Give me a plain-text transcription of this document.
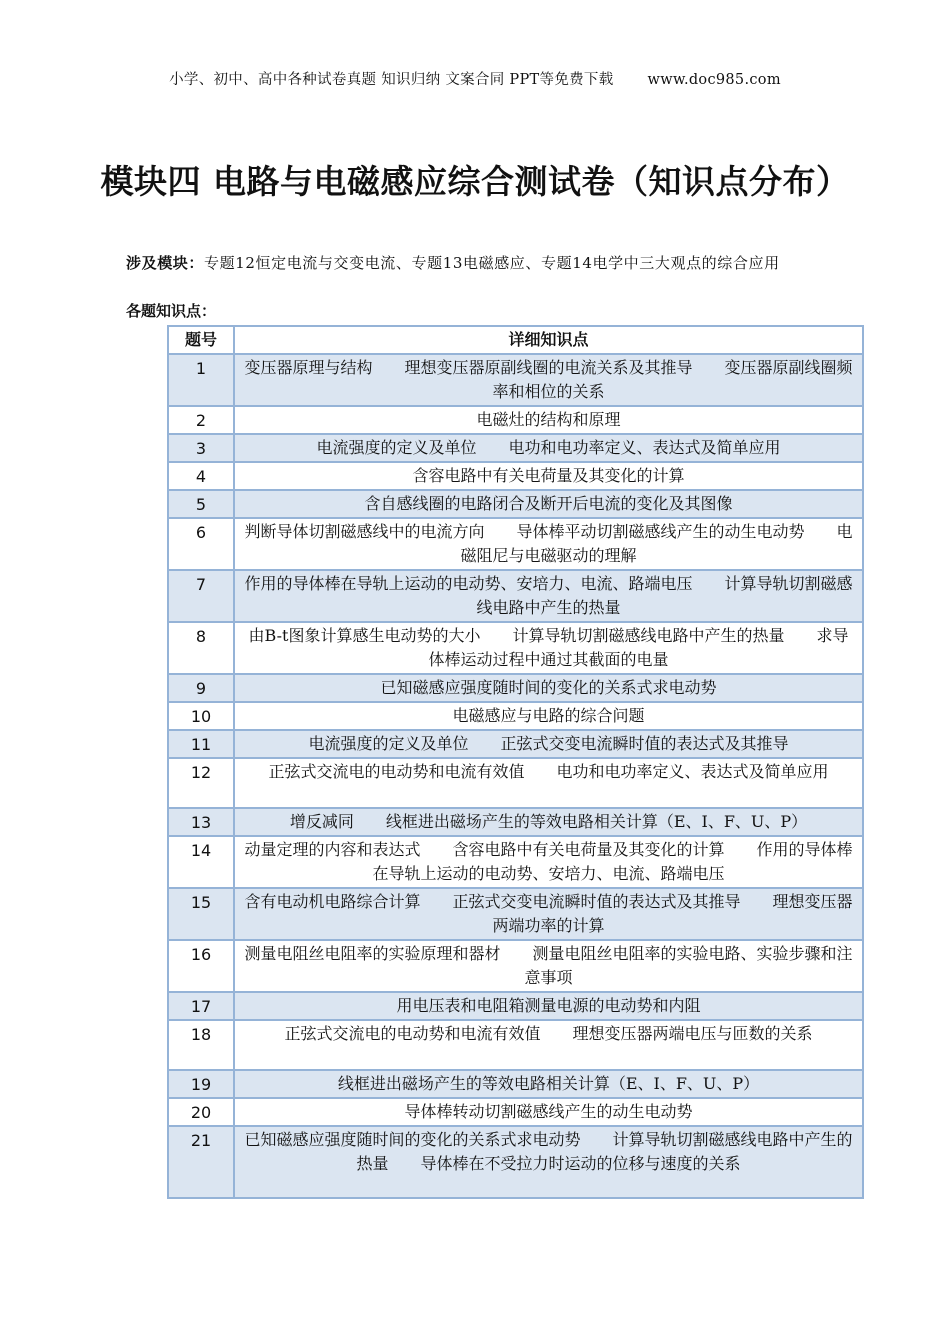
小学、初中、高中各种试卷真题 知识归纳 文案合同 PPT等免费下载 www.doc985.com
模块四 电路与电磁感应综合测试卷（知识点分布）
涉及模块：专题12恒定电流与交变电流、专题13电磁感应、专题14电学中三大观点的综合应用
各题知识点：
题号	详细知识点
1	变压器原理与结构　　理想变压器原副线圈的电流关系及其推导　　变压器原副线圈频率和相位的关系
2	电磁灶的结构和原理
3	电流强度的定义及单位　　电功和电功率定义、表达式及简单应用
4	含容电路中有关电荷量及其变化的计算
5	含自感线圈的电路闭合及断开后电流的变化及其图像
6	判断导体切割磁感线中的电流方向　　导体棒平动切割磁感线产生的动生电动势　　电磁阻尼与电磁驱动的理解
7	作用的导体棒在导轨上运动的电动势、安培力、电流、路端电压　　计算导轨切割磁感线电路中产生的热量
8	由B-t图象计算感生电动势的大小　　计算导轨切割磁感线电路中产生的热量　　求导体棒运动过程中通过其截面的电量
9	已知磁感应强度随时间的变化的关系式求电动势
10	电磁感应与电路的综合问题
11	电流强度的定义及单位　　正弦式交变电流瞬时值的表达式及其推导
12	正弦式交流电的电动势和电流有效值　　电功和电功率定义、表达式及简单应用
13	增反减同　　线框进出磁场产生的等效电路相关计算（E、I、F、U、P）
14	动量定理的内容和表达式　　含容电路中有关电荷量及其变化的计算　　作用的导体棒在导轨上运动的电动势、安培力、电流、路端电压
15	含有电动机电路综合计算　　正弦式交变电流瞬时值的表达式及其推导　　理想变压器两端功率的计算
16	测量电阻丝电阻率的实验原理和器材　　测量电阻丝电阻率的实验电路、实验步骤和注意事项
17	用电压表和电阻箱测量电源的电动势和内阻
18	正弦式交流电的电动势和电流有效值　　理想变压器两端电压与匝数的关系
19	线框进出磁场产生的等效电路相关计算（E、I、F、U、P）
20	导体棒转动切割磁感线产生的动生电动势
21	已知磁感应强度随时间的变化的关系式求电动势　　计算导轨切割磁感线电路中产生的热量　　导体棒在不受拉力时运动的位移与速度的关系
